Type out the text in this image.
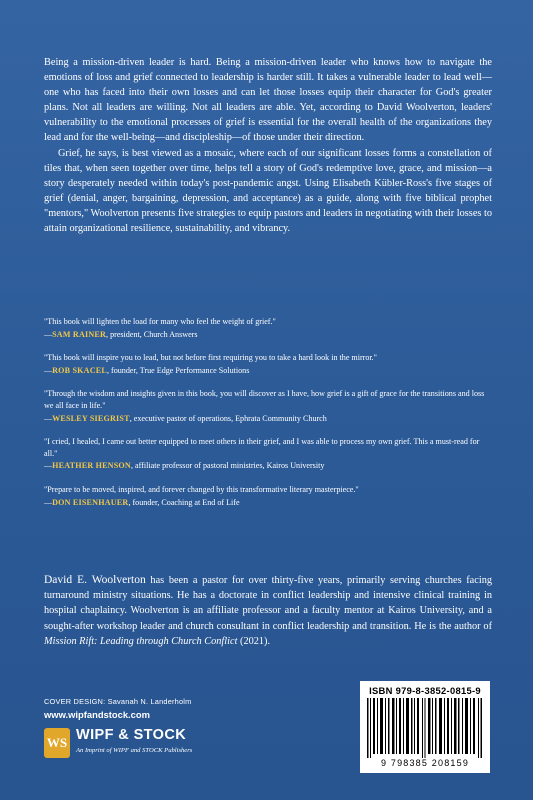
Being a mission-driven leader is hard. Being a mission-driven leader who knows how to navigate the emotions of loss and grief connected to leadership is harder still. It takes a vulnerable leader to lead well—one who has faced into their own losses and can let those losses equip their character for God's greater plans. Not all leaders are willing. Not all leaders are able. Yet, according to David Woolverton, leaders' vulnerability to the emotional processes of grief is essential for the overall health of the organizations they lead and for the well-being—and discipleship—of those under their direction.

Grief, he says, is best viewed as a mosaic, where each of our significant losses forms a constellation of tiles that, when seen together over time, helps tell a story of God's redemptive love, grace, and mission—a story desperately needed within today's post-pandemic angst. Using Elisabeth Kübler-Ross's five stages of grief (denial, anger, bargaining, depression, and acceptance) as a guide, along with five biblical prophet "mentors," Woolverton presents five strategies to equip pastors and leaders in negotiating with their losses to attain organizational resilience, sustainability, and vibrancy.

"This book will lighten the load for many who feel the weight of grief."

—SAM RAINER, president, Church Answers

"This book will inspire you to lead, but not before first requiring you to take a hard look in the mirror."

—ROB SKACEL, founder, True Edge Performance Solutions

"Through the wisdom and insights given in this book, you will discover as I have, how grief is a gift of grace for the transitions and loss we all face in life."

—WESLEY SIEGRIST, executive pastor of operations, Ephrata Community Church

"I cried, I healed, I came out better equipped to meet others in their grief, and I was able to process my own grief. This a must-read for all."

—HEATHER HENSON, affiliate professor of pastoral ministries, Kairos University

"Prepare to be moved, inspired, and forever changed by this transformative literary masterpiece."

—DON EISENHAUER, founder, Coaching at End of Life

David E. Woolverton has been a pastor for over thirty-five years, primarily serving churches facing turnaround ministry situations. He has a doctorate in conflict leadership and intensive clinical training in hospital chaplaincy. Woolverton is an affiliate professor and a faculty mentor at Kairos University, and a sought-after workshop leader and church consultant in conflict leadership and transition. He is the author of Mission Rift: Leading through Church Conflict (2021).

COVER DESIGN: Savanah N. Landerholm
www.wipfandstock.com
WS WIPF & STOCK
An Imprint of WIPF and STOCK Publishers
ISBN 979-8-3852-0815-9
9 798385 208159
